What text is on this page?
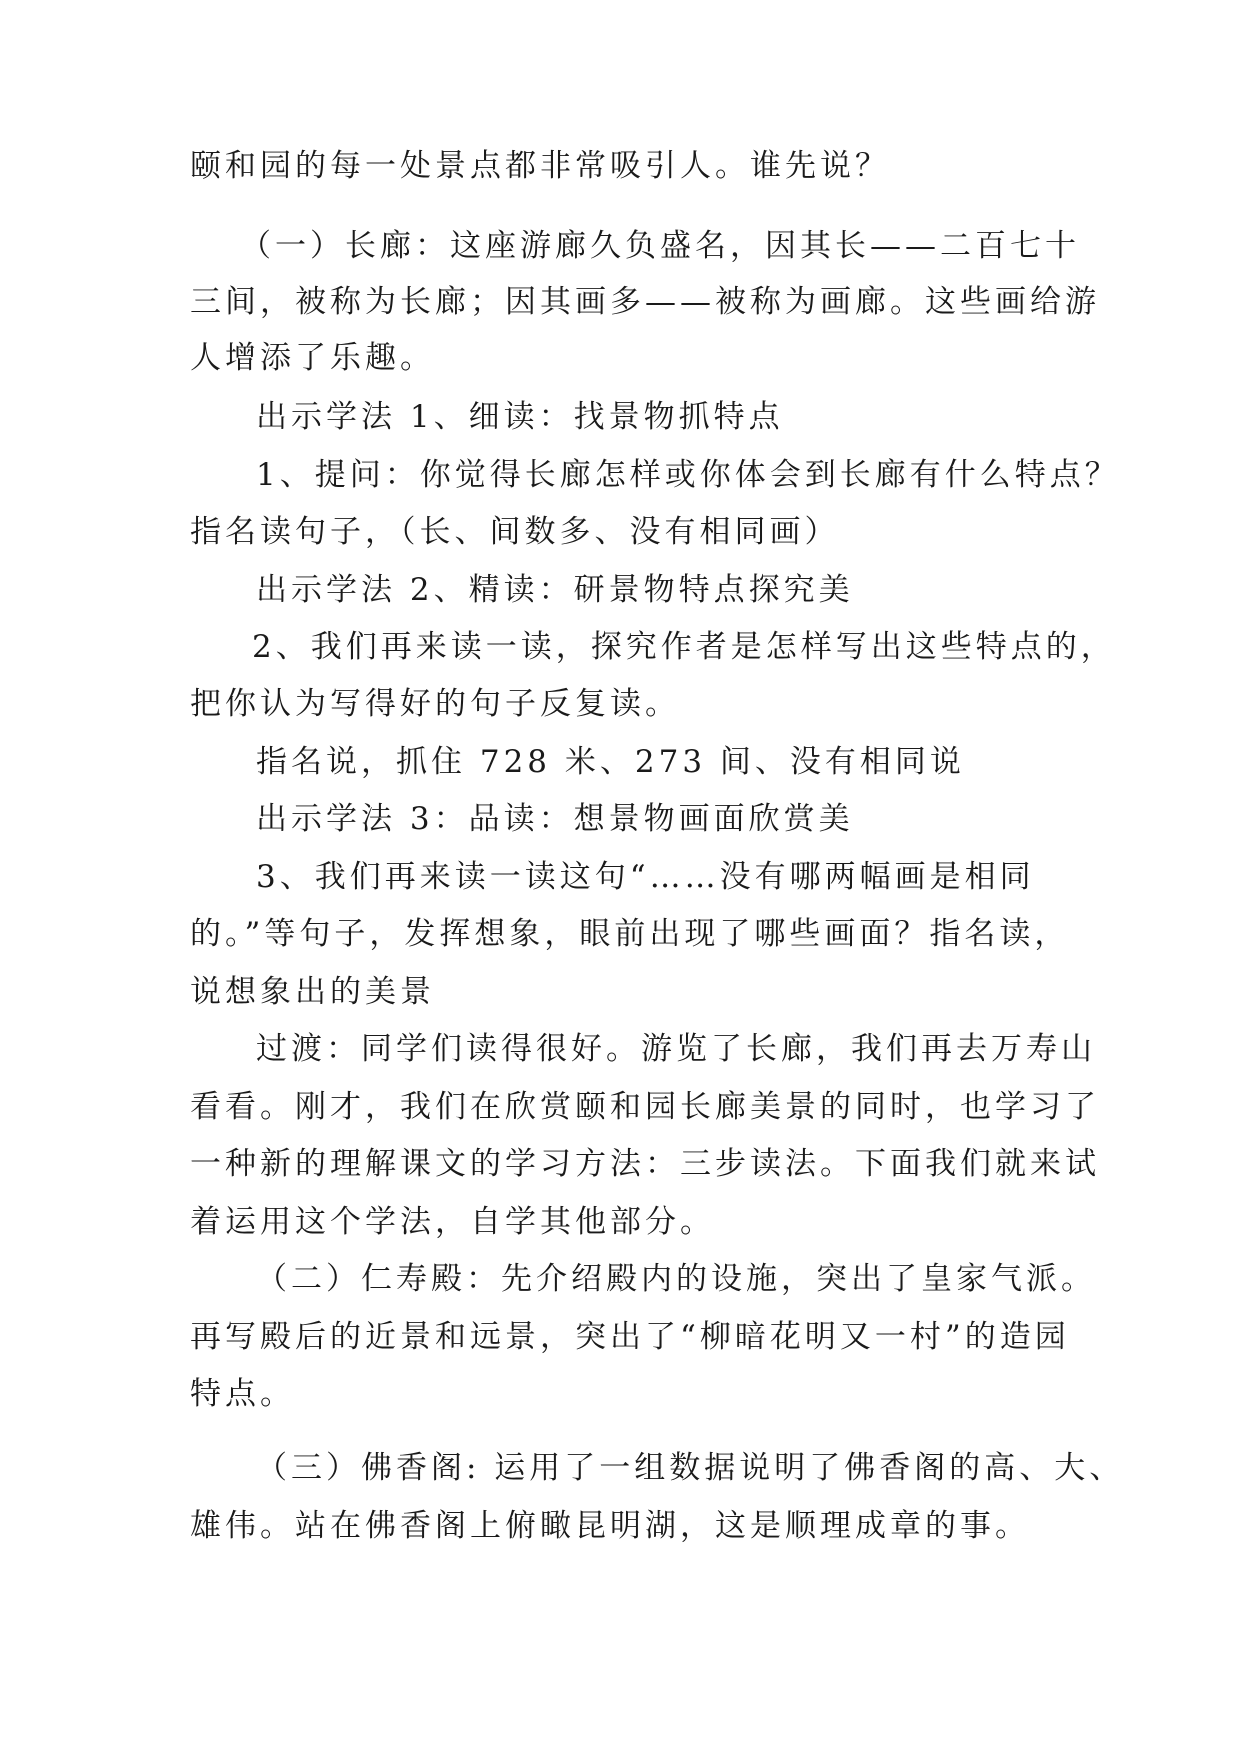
颐和园的每一处景点都非常吸引人。谁先说？
（一）长廊：这座游廊久负盛名，因其长——二百七十
三间，被称为长廊；因其画多——被称为画廊。这些画给游
人增添了乐趣。
出示学法 1、细读：找景物抓特点
1、提问：你觉得长廊怎样或你体会到长廊有什么特点？
指名读句子，（长、间数多、没有相同画）
出示学法 2、精读：研景物特点探究美
2、我们再来读一读，探究作者是怎样写出这些特点的，
把你认为写得好的句子反复读。
指名说，抓住 728 米、273 间、没有相同说
出示学法 3：品读：想景物画面欣赏美
3、我们再来读一读这句“……没有哪两幅画是相同
的。”等句子，发挥想象，眼前出现了哪些画面？指名读，
说想象出的美景
过渡：同学们读得很好。游览了长廊，我们再去万寿山
看看。刚才，我们在欣赏颐和园长廊美景的同时，也学习了
一种新的理解课文的学习方法：三步读法。下面我们就来试
着运用这个学法，自学其他部分。
（二）仁寿殿：先介绍殿内的设施，突出了皇家气派。
再写殿后的近景和远景，突出了“柳暗花明又一村”的造园
特点。
（三）佛香阁: 运用了一组数据说明了佛香阁的高、大、
雄伟。站在佛香阁上俯瞰昆明湖，这是顺理成章的事。
